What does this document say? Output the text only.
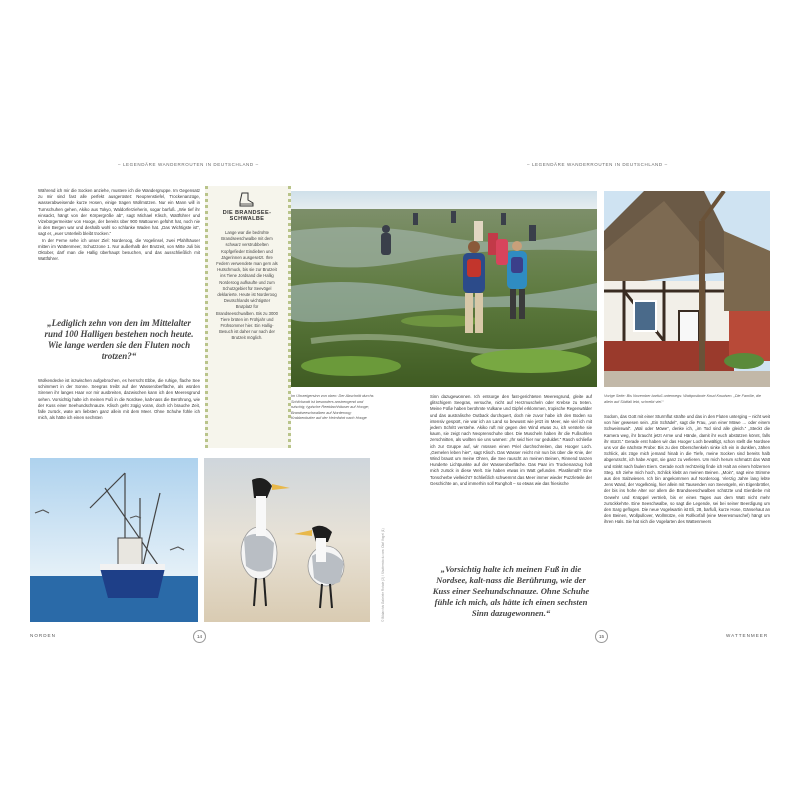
– LEGENDÄRE WANDERROUTEN IN DEUTSCHLAND –	– LEGENDÄRE WANDERROUTEN IN DEUTSCHLAND –

Während ich mir die Socken anziehe, mustere ich die Wandergruppe. Im Gegensatz zu mir sind fast alle perfekt ausgerüstet: Neoprenstiefel, Trockenanzüge, wasserabweisende kurze Hosen, einige tragen Wollmützen. Nur ein Mann will in Turnschuhen gehen, Akiko aus Tokyo, Waldorferzieherin, sogar barfuß. „Wie tief ihr einsackt, hängt von der Körpergröße ab“, sagt Michael Klisch, Wattführer und Vizebürgermeister von Hooge, der bereits über 900 Wattouren geführt hat, noch nie in den Bergen war und deshalb wohl so schlanke Waden hat. „Das Wichtigste ist“, sagt er, „euer Unterleib bleibt trocken.“

In der Ferne sehe ich unser Ziel: Norderoog, die Vogelinsel, zwei Pfahlhäuser mitten im Wattenmeer, Schutzzone 1. Nur außerhalb der Brutzeit, von Mitte Juli bis Oktober, darf man die Hallig überhaupt besuchen, und das ausschließlich mit Wattführer.

„Lediglich zehn von den im Mittelalter rund 100 Halligen bestehen noch heute. Wie lange werden sie den Fluten noch trotzen?“

Wolkendecke ist inzwischen aufgebrochen, es herrscht Ebbe, die ruhige, flache See schimmert in der Sonne. Seegras treibt auf der Wasseroberfläche, als würden Sirenen ihr langes Haar vor mir ausbreiten, dazwischen kann ich den Meeresgrund sehen. Vorsichtig halte ich meinen Fuß in die Nordsee, kalt-nass die Berührung, wie der Kuss einer Seehundschnauze. Klisch geht zügig voran, doch ich brauche Zeit, falle zurück, wate am liebsten ganz allein mit dem Meer. Ohne Schuhe fühle ich mich, als hätte ich einen sechsten

DIE BRANDSEE-SCHWALBE
Lange war die bedrohte Brandseeschwalbe mit dem schwarz verstrubbelten Kopfgefieder Eindieben und Jägerinnen ausgesetzt. Ihre Federn verwendete man gern als Hutschmuck, bis sie zur Brutzeit ins Tiene Jordsand die Hallig Norderoog aufkaufte und zum Schutzgebiet für Seevögel deklarierte. Heute ist Norderoog Deutschlands wichtigster Brutplatz für Brandseeschwalben. Bis zu 3000 Tiere brüten im Frühjahr und Frühsommer hier. Ein Hallig-Besuch ist daher nur nach der Brutzeit möglich.
© Bildarchiv Gabriele Rohde (2) / Shutterstock.com: Olaf Vogel (1)
Im Uhrzeigersinn von oben: Der Abschnitt durchs Schlickwatt ist besonders anstrengend und rutschig; typische Reetdachhäuser auf Hooge; Brandseeschwalben auf Norderoog; Krabbenkutter auf der Heimfahrt nach Hooge

Sinn dazugewonnen. Ich entsorge den fast-gerichteten Meeresgrund, gleite auf glitschigem Seegras, versuche, nicht auf Herzmuscheln oder Krebse zu treten. Meine Füße haben berühmte Vulkane und Gipfel erklommen, tropische Regenwälder und das australische Outback durchquert, doch nie zuvor habe ich den Boden so intensiv gespürt, nie war ich an Land so bewusst wie jetzt im Meer, wie viel ich mit jedem Schritt verstehe. Akiko ruft mir gegen den Wind etwas zu, ich verstehe sie kaum, sie zeigt nach Neoprenschuhe über. Die Muscheln haben ihr die Fußsohlen zerschnitten, als wollten sie uns warnen: „Ihr seid hier nur geduldet.“ Rasch schließe ich zur Gruppe auf, wir müssen einen Priel durchschreiten, das Hooger Loch. „Gemelen leben hier“, sagt Klisch. Das Wasser reicht mir nun bis über die Knie, der Wind braust um meine Ohren, die See rauscht an meinen Beinen, Rinnend tanzen Hunderte Lichtpunkte auf der Wasseroberfläche. Das Paar im Trockenanzug holt mich zurück in diese Welt. Sie haben etwas im Watt gefunden. Plastikmüll? Eine Tonscherbe vielleicht? Schließlich schwemmt das Meer immer wieder Puzzleteile der Geschichte an, und immerhin soll Rungholt – so etwas wie das friesische

„Vorsichtig halte ich meinen Fuß in die Nordsee, kalt-nass die Berührung, wie der Kuss einer Seehundschnauze. Ohne Schuhe fühle ich mich, als hätte ich einen sechsten Sinn dazugewonnen.“
Vorige Seite: Bis November barfuß unterwegs: Wattpostbote Knud Knudsen. „Die Familie, die allein auf Südfall lebt, schreibt viel.“

Sodom, das Gott mit einer Sturmflut strafte und das in den Fluten unterging – nicht weit von hier gewesen sein. „Ein Schädel“, sagt die Frau, „von einer Möwe … oder einem Schweinswal“. „Wal oder Möwe“, denke ich, „im Tod sind alle gleich.“ „Steckt die Kamera weg, ihr braucht jetzt Arme und Hände, damit ihr euch abstützen könnt, falls ihr stürzt.“ Gerade erst haben wir das Hooger Loch bewältigt, schon stellt die Nordsee uns vor die nächste Probe: Bis zu den Oberschenkeln sinke ich ein in dunklen, zähen Schlick, als zöge mich jemand hinab in die Tiefe, meine Socken sind bereits halb abgerutscht, ich habe Angst, sie ganz zu verlieren. Um mich herum schmatzt das Watt und stinkt nach faulen Eiern. Gerade noch rechtzeitig finde ich Halt an einem hölzernen Steg. Ich ziehe mich hoch, Schlick klebt an meinen Beinen. „Moin“, sagt eine Stimme aus den Salzwiesen. Ich bin angekommen auf Norderoog. Vierzig Jahre lang lebte Jens Wand, der Vogelkönig, hier allein mit Tausenden von Seevögeln, ein Eigenbrötler, der bis ins hohe Alter vor allem die Brandseeschwalben schützte und Eierdiebe mit Gewehr und Knüppel vertrieb, bis er eines Tages aus dem Watt nicht mehr zurückkehrte. Eine Seeschwalbe, so sagt die Legende, sei bei seiner Beerdigung um den Sarg geflogen. Die neue Vogelwartin ist Eli, 28, barfuß, kurze Hose, Gänsehaut an den Beinen, Wollpullover, Wollmütze, ein Rollkorfall (eine Meeresmuschel) hängt um ihren Hals. Sie hat sich die Vogelarten des Wattenmeers

NORDEN	14	15	WATTENMEER
